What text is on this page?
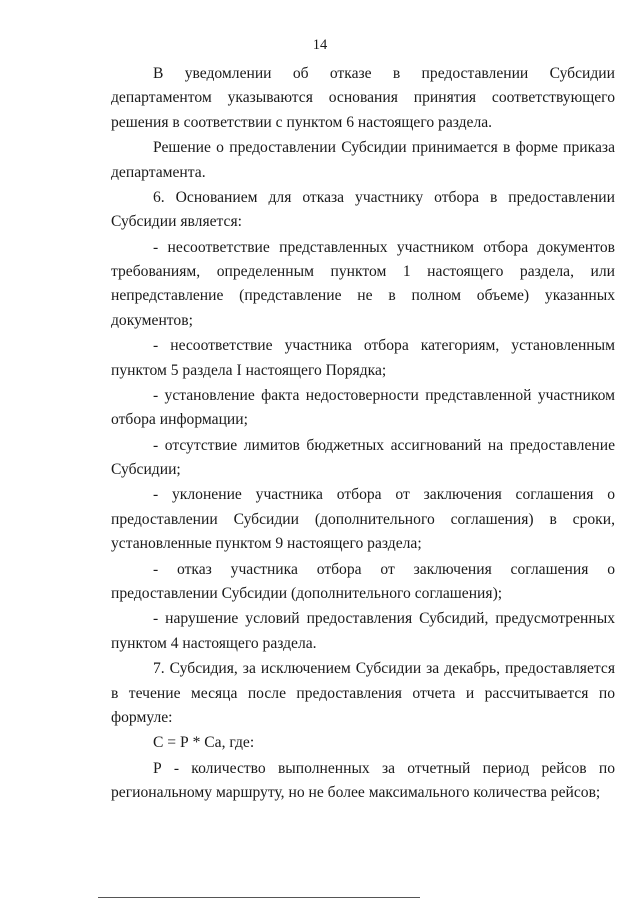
14

В уведомлении об отказе в предоставлении Субсидии департаментом указываются основания принятия соответствующего решения в соответствии с пунктом 6 настоящего раздела.

Решение о предоставлении Субсидии принимается в форме приказа департамента.

6. Основанием для отказа участнику отбора в предоставлении Субсидии является:

- несоответствие представленных участником отбора документов требованиям, определенным пунктом 1 настоящего раздела, или непредставление (представление не в полном объеме) указанных документов;

- несоответствие участника отбора категориям, установленным пунктом 5 раздела I настоящего Порядка;

- установление факта недостоверности представленной участником отбора информации;

- отсутствие лимитов бюджетных ассигнований на предоставление Субсидии;

- уклонение участника отбора от заключения соглашения о предоставлении Субсидии (дополнительного соглашения) в сроки, установленные пунктом 9 настоящего раздела;

- отказ участника отбора от заключения соглашения о предоставлении Субсидии (дополнительного соглашения);

- нарушение условий предоставления Субсидий, предусмотренных пунктом 4 настоящего раздела.

7. Субсидия, за исключением Субсидии за декабрь, предоставляется в течение месяца после предоставления отчета и рассчитывается по формуле:

С = Р * Са, где:

Р - количество выполненных за отчетный период рейсов по региональному маршруту, но не более максимального количества рейсов;
